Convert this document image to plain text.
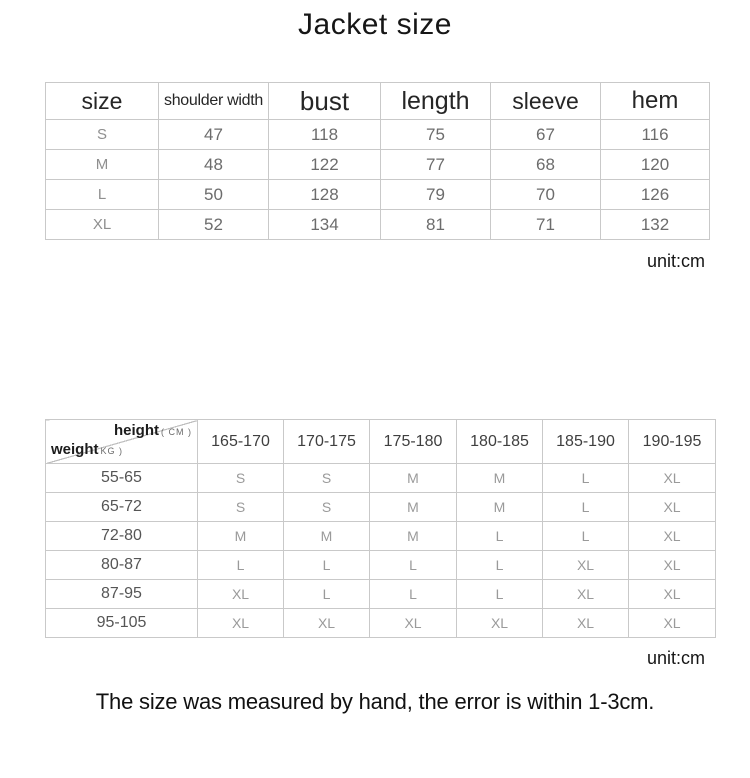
Jacket size
size	shoulder width	bust	length	sleeve	hem
S	47	118	75	67	116
M	48	122	77	68	120
L	50	128	79	70	126
XL	52	134	81	71	132
unit:cm
height ( CM )
weight KG )	165-170	170-175	175-180	180-185	185-190	190-195
55-65	S	S	M	M	L	XL
65-72	S	S	M	M	L	XL
72-80	M	M	M	L	L	XL
80-87	L	L	L	L	XL	XL
87-95	XL	L	L	L	XL	XL
95-105	XL	XL	XL	XL	XL	XL
unit:cm
The size was measured by hand, the error is within 1-3cm.
